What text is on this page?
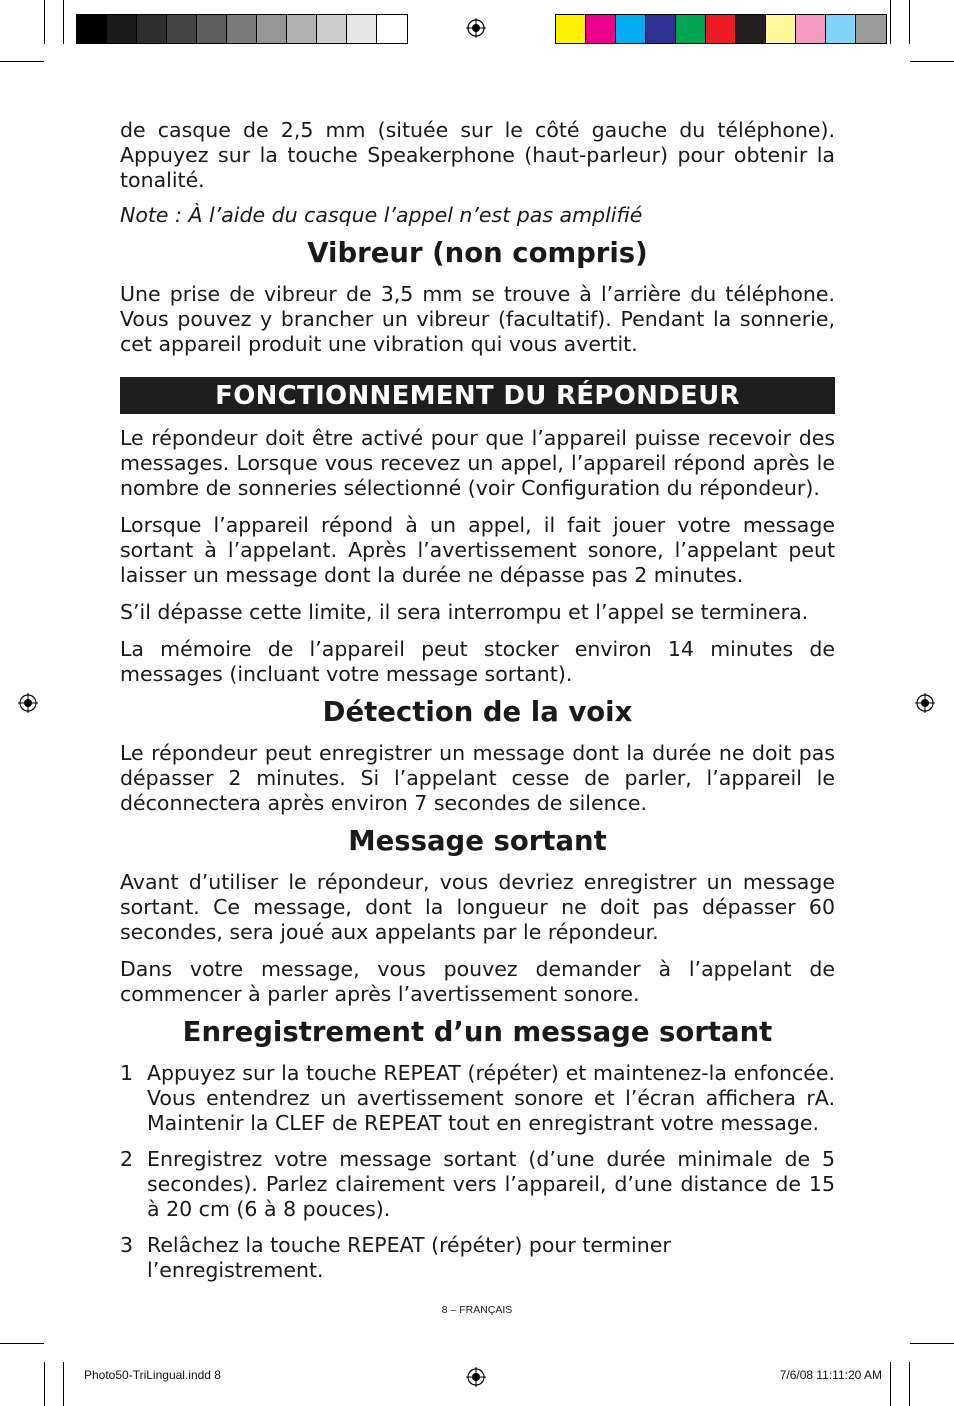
de casque de 2,5 mm (située sur le côté gauche du téléphone). Appuyez sur la touche Speakerphone (haut-parleur) pour obtenir la tonalité.

Note : À l’aide du casque l’appel n’est pas amplifié

Vibreur (non compris)

Une prise de vibreur de 3,5 mm se trouve à l’arrière du téléphone. Vous pouvez y brancher un vibreur (facultatif). Pendant la sonnerie, cet appareil produit une vibration qui vous avertit.

FONCTIONNEMENT DU RÉPONDEUR

Le répondeur doit être activé pour que l’appareil puisse recevoir des messages. Lorsque vous recevez un appel, l’appareil répond après le nombre de sonneries sélectionné (voir Configuration du répondeur).

Lorsque l’appareil répond à un appel, il fait jouer votre message sortant à l’appelant. Après l’avertissement sonore, l’appelant peut laisser un message dont la durée ne dépasse pas 2 minutes.

S’il dépasse cette limite, il sera interrompu et l’appel se terminera.

La mémoire de l’appareil peut stocker environ 14 minutes de messages (incluant votre message sortant).

Détection de la voix

Le répondeur peut enregistrer un message dont la durée ne doit pas dépasser 2 minutes. Si l’appelant cesse de parler, l’appareil le déconnectera après environ 7 secondes de silence.

Message sortant

Avant d’utiliser le répondeur, vous devriez enregistrer un message sortant. Ce message, dont la longueur ne doit pas dépasser 60 secondes, sera joué aux appelants par le répondeur.

Dans votre message, vous pouvez demander à l’appelant de commencer à parler après l’avertissement sonore.

Enregistrement d’un message sortant
1 Appuyez sur la touche REPEAT (répéter) et maintenez-la enfoncée. Vous entendrez un avertissement sonore et l’écran affichera rA. Maintenir la CLEF de REPEAT tout en enregistrant votre message.
2 Enregistrez votre message sortant (d’une durée minimale de 5 secondes). Parlez clairement vers l’appareil, d’une distance de 15 à 20 cm (6 à 8 pouces).
3 Relâchez la touche REPEAT (répéter) pour terminer l’enregistrement.
8 – FRANÇAIS
Photo50-TriLingual.indd 8	7/6/08 11:11:20 AM
